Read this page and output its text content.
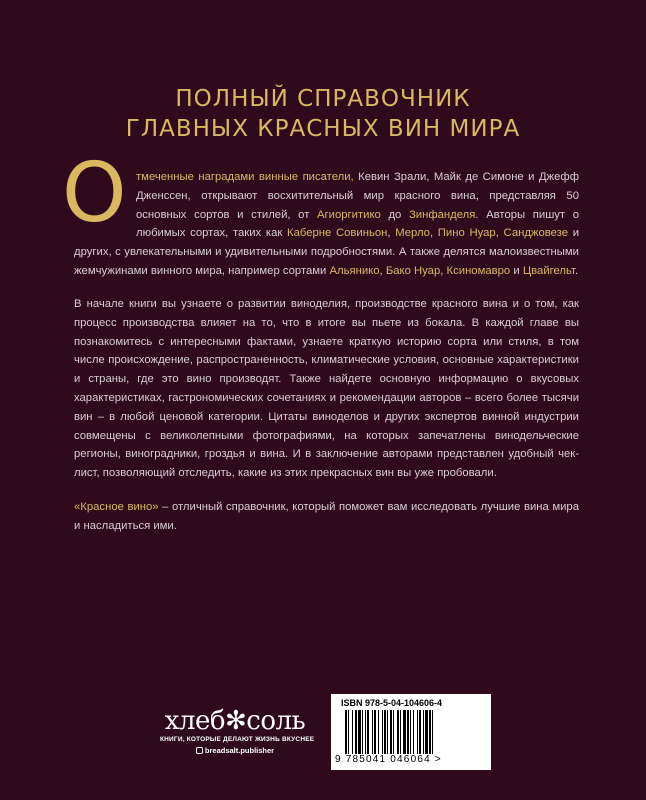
ПОЛНЫЙ СПРАВОЧНИК
ГЛАВНЫХ КРАСНЫХ ВИН МИРА
О тмеченные наградами винные писатели, Кевин Зрали, Майк де Симоне и Джефф Дженссен, открывают восхитительный мир красного вина, представляя 50 основных сортов и стилей, от Агиоргитико до Зинфанделя. Авторы пишут о любимых сортах, таких как Каберне Совиньон, Мерло, Пино Нуар, Санджовезе и других, с увлекательными и удивительными подробностями. А также делятся малоизвестными жемчужинами винного мира, например сортами Альянико, Бако Нуар, Ксиномавро и Цвайгельт.

В начале книги вы узнаете о развитии виноделия, производстве красного вина и о том, как процесс производства влияет на то, что в итоге вы пьете из бокала. В каждой главе вы познакомитесь с интересными фактами, узнаете краткую историю сорта или стиля, в том числе происхождение, распространенность, климатические условия, основные характеристики и страны, где это вино производят. Также найдете основную информацию о вкусовых характеристиках, гастрономических сочетаниях и рекомендации авторов – всего более тысячи вин – в любой ценовой категории. Цитаты виноделов и других экспертов винной индустрии совмещены с великолепными фотографиями, на которых запечатлены винодельческие регионы, виноградники, гроздья и вина. И в заключение авторами представлен удобный чек-лист, позволяющий отследить, какие из этих прекрасных вин вы уже пробовали.

«Красное вино» – отличный справочник, который поможет вам исследовать лучшие вина мира и насладиться ими.

хлеб✻соль
КНИГИ, КОТОРЫЕ ДЕЛАЮТ ЖИЗНЬ ВКУСНЕЕ
breadsalt.publisher
ISBN 978-5-04-104606-4
9 785041 046064 >
